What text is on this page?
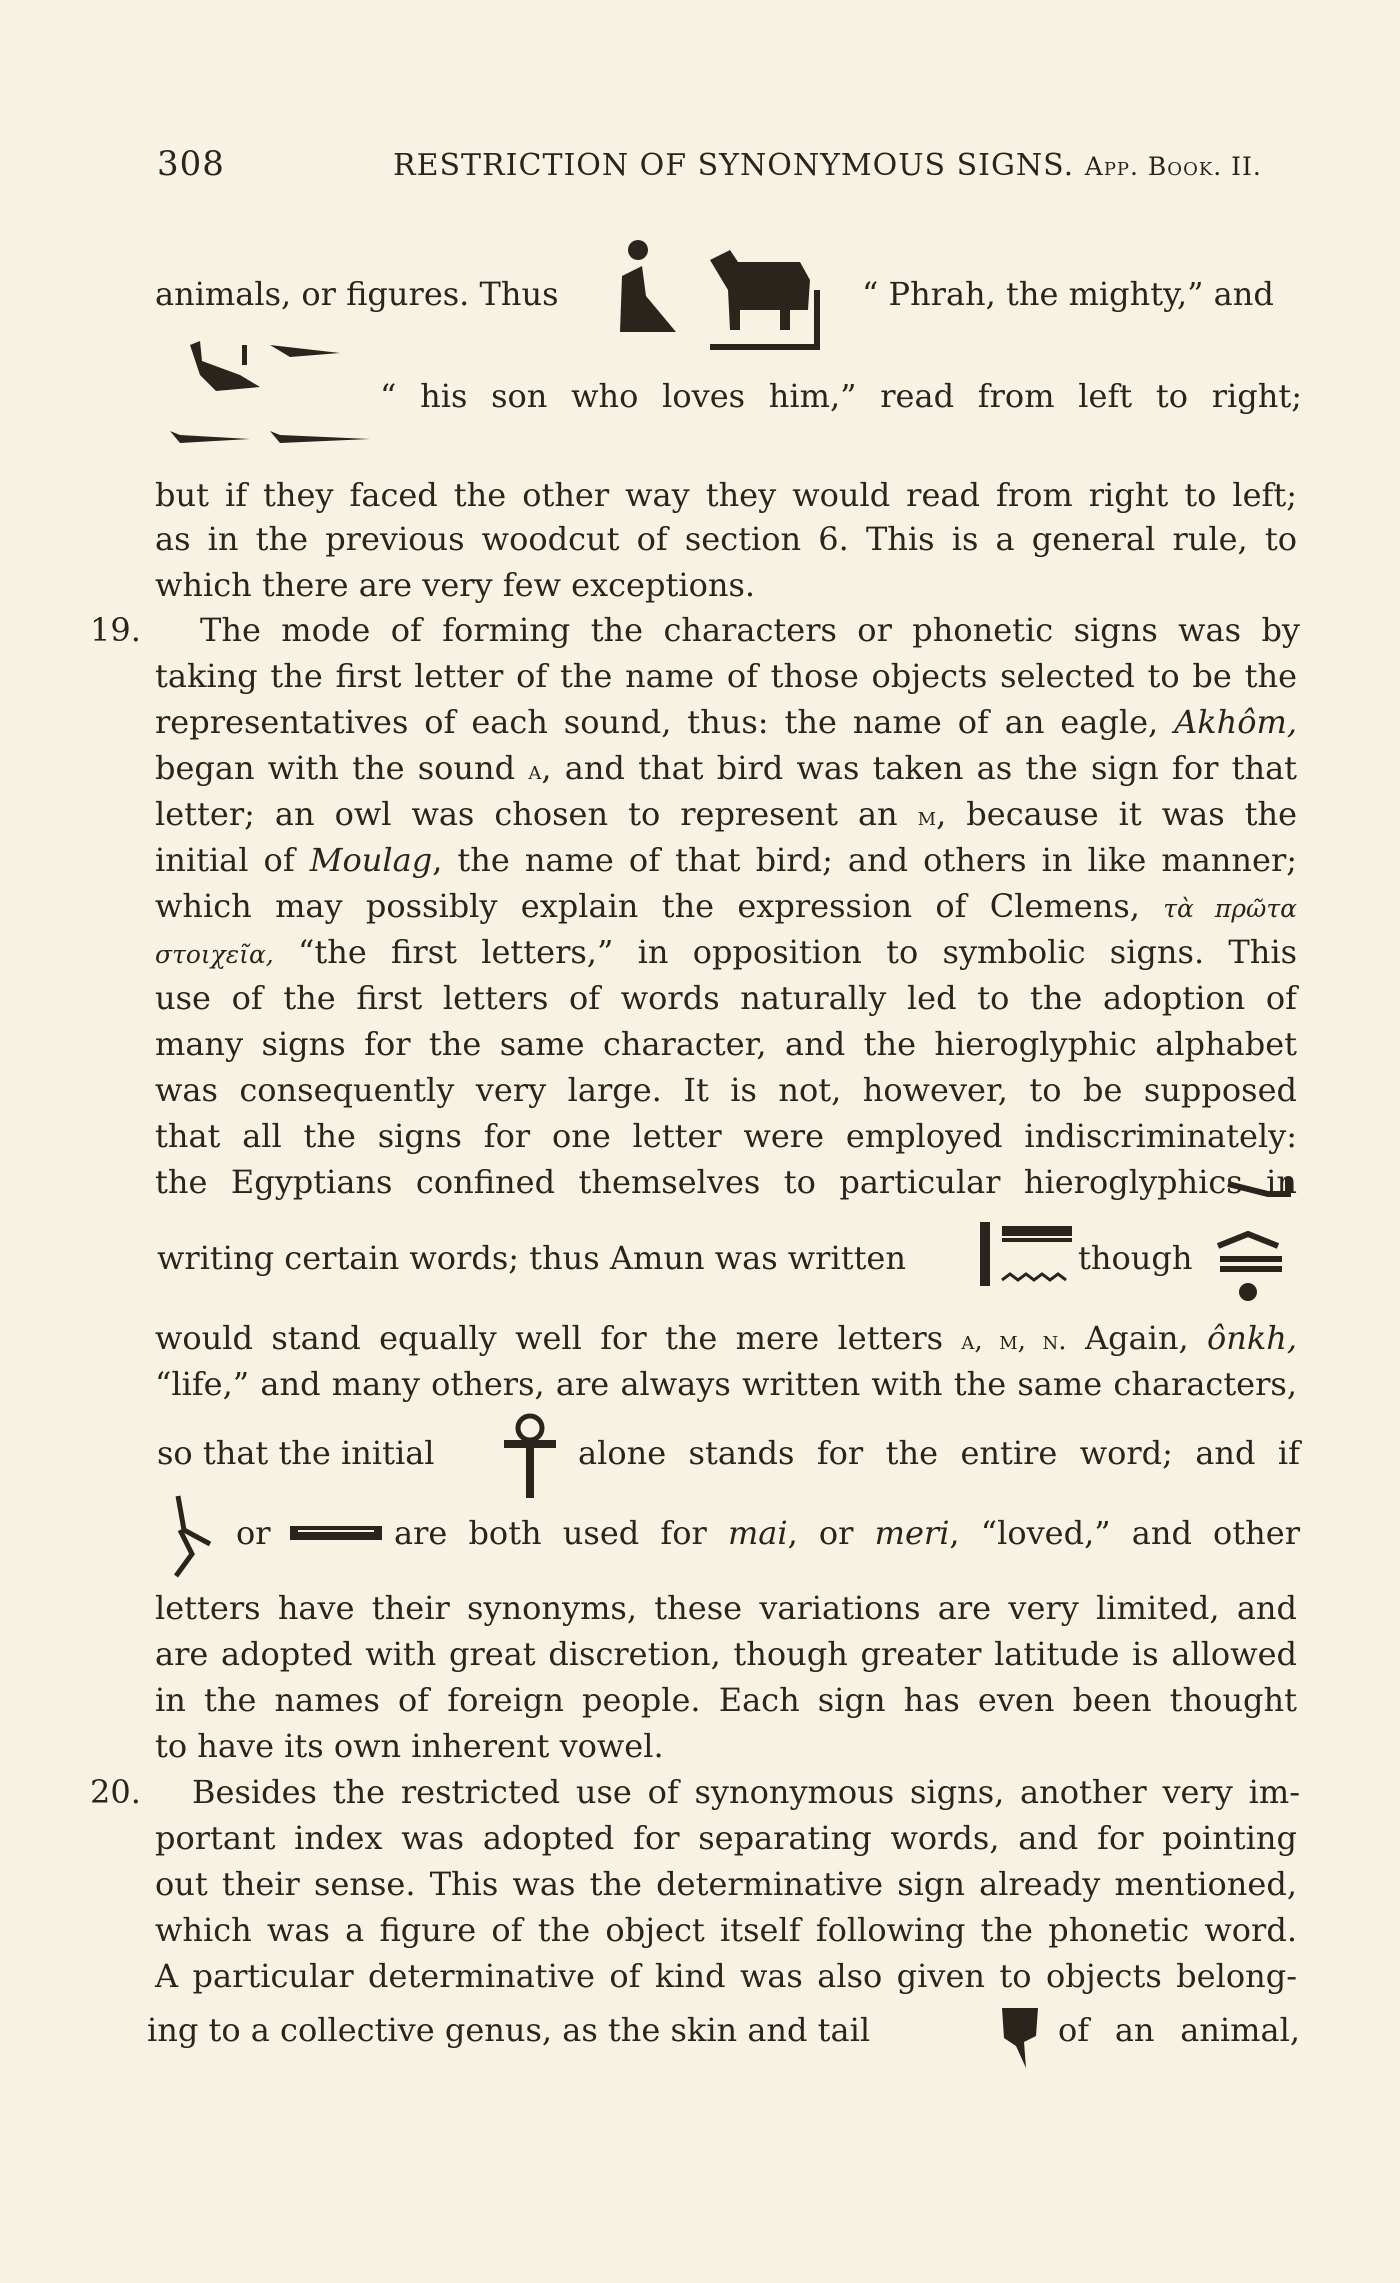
308	RESTRICTION OF SYNONYMOUS SIGNS. App. Book. II.
animals, or figures. Thus	“ Phrah, the mighty,” and
“ his son who loves him,” read from left to right;
but if they faced the other way they would read from right to left;
as in the previous woodcut of section 6. This is a general rule, to
which there are very few exceptions.
19. The mode of forming the characters or phonetic signs was by
taking the first letter of the name of those objects selected to be the
representatives of each sound, thus: the name of an eagle, Akhôm,
began with the sound a, and that bird was taken as the sign for that
letter; an owl was chosen to represent an m, because it was the
initial of Moulag, the name of that bird; and others in like manner;
which may possibly explain the expression of Clemens, τὰ πρῶτα
στοιχεῖα, “the first letters,” in opposition to symbolic signs. This
use of the first letters of words naturally led to the adoption of
many signs for the same character, and the hieroglyphic alphabet
was consequently very large. It is not, however, to be supposed
that all the signs for one letter were employed indiscriminately:
the Egyptians confined themselves to particular hieroglyphics in
writing certain words; thus Amun was written	though
would stand equally well for the mere letters a, m, n. Again, ônkh,
“life,” and many others, are always written with the same characters,
so that the initial	alone stands for the entire word; and if
or	are both used for mai, or meri, “loved,” and other
letters have their synonyms, these variations are very limited, and
are adopted with great discretion, though greater latitude is allowed
in the names of foreign people. Each sign has even been thought
to have its own inherent vowel.
20. Besides the restricted use of synonymous signs, another very im-
portant index was adopted for separating words, and for pointing
out their sense. This was the determinative sign already mentioned,
which was a figure of the object itself following the phonetic word.
A particular determinative of kind was also given to objects belong-
ing to a collective genus, as the skin and tail	of an animal,
